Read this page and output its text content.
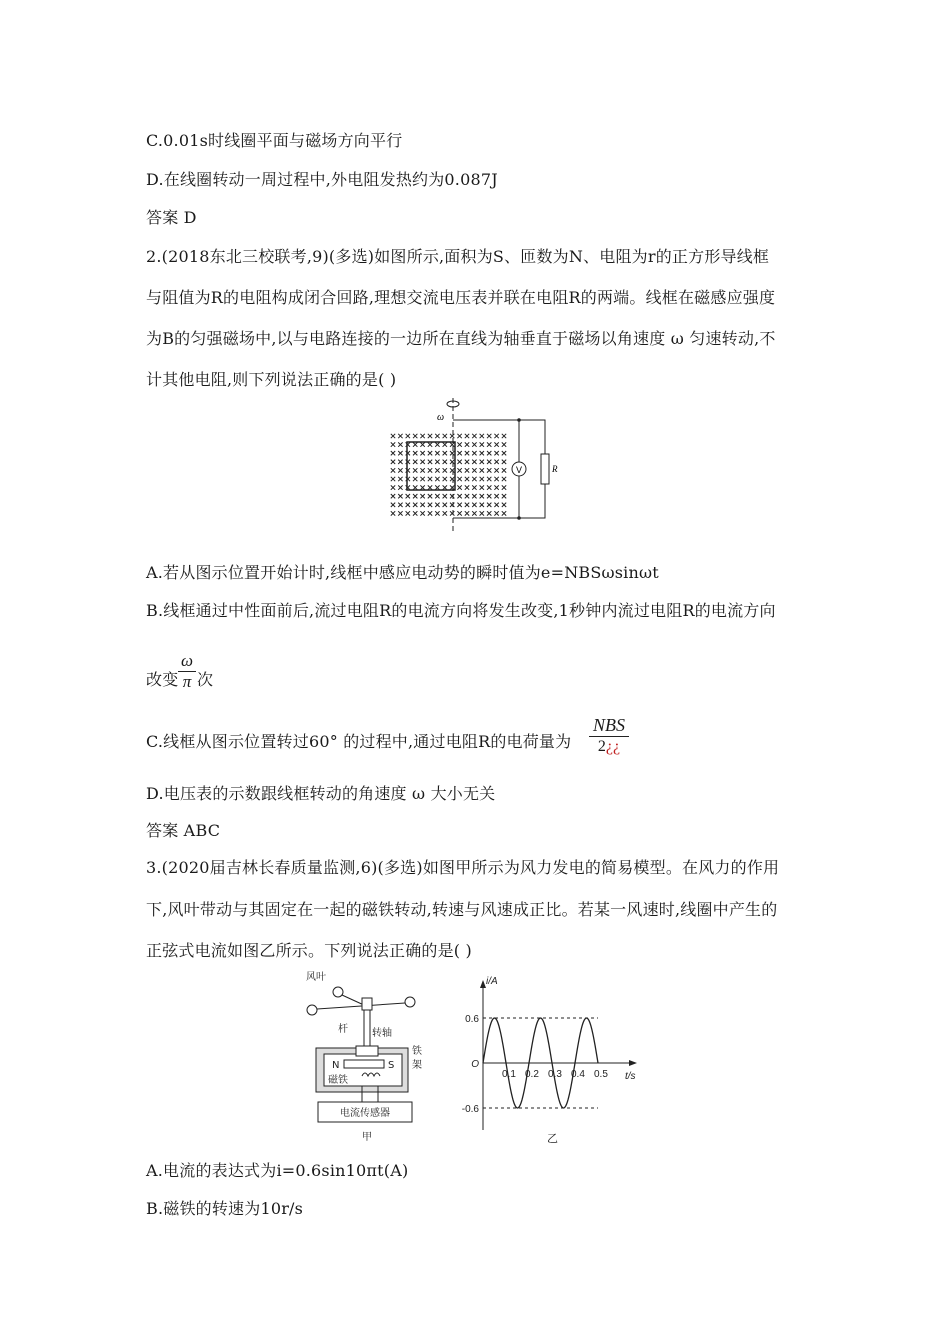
C.0.01s时线圈平面与磁场方向平行
D.在线圈转动一周过程中,外电阻发热约为0.087J
答案 D
2.(2018东北三校联考,9)(多选)如图所示,面积为S、匝数为N、电阻为r的正方形导线框
与阻值为R的电阻构成闭合回路,理想交流电压表并联在电阻R的两端。线框在磁感应强度
为B的匀强磁场中,以与电路连接的一边所在直线为轴垂直于磁场以角速度 ω 匀速转动,不
计其他电阻,则下列说法正确的是( )
ω
V	R
A.若从图示位置开始计时,线框中感应电动势的瞬时值为e=NBSωsinωt
B.线框通过中性面前后,流过电阻R的电流方向将发生改变,1秒钟内流过电阻R的电流方向
改变
ω
π 次
C.线框从图示位置转过60° 的过程中,通过电阻R的电荷量为
NBS
2¿¿
D.电压表的示数跟线框转动的角速度 ω 大小无关
答案 ABC
3.(2020届吉林长春质量监测,6)(多选)如图甲所示为风力发电的简易模型。在风力的作用
下,风叶带动与其固定在一起的磁铁转动,转速与风速成正比。若某一风速时,线圈中产生的
正弦式电流如图乙所示。下列说法正确的是( )
风叶
杆 转轴
铁
架
N	S
磁铁
电流传感器
甲
i/A
t/s
乙
0.1 0.2 0.3 0.4 0.5
0.6
O
-0.6
A.电流的表达式为i=0.6sin10πt(A)
B.磁铁的转速为10r/s
